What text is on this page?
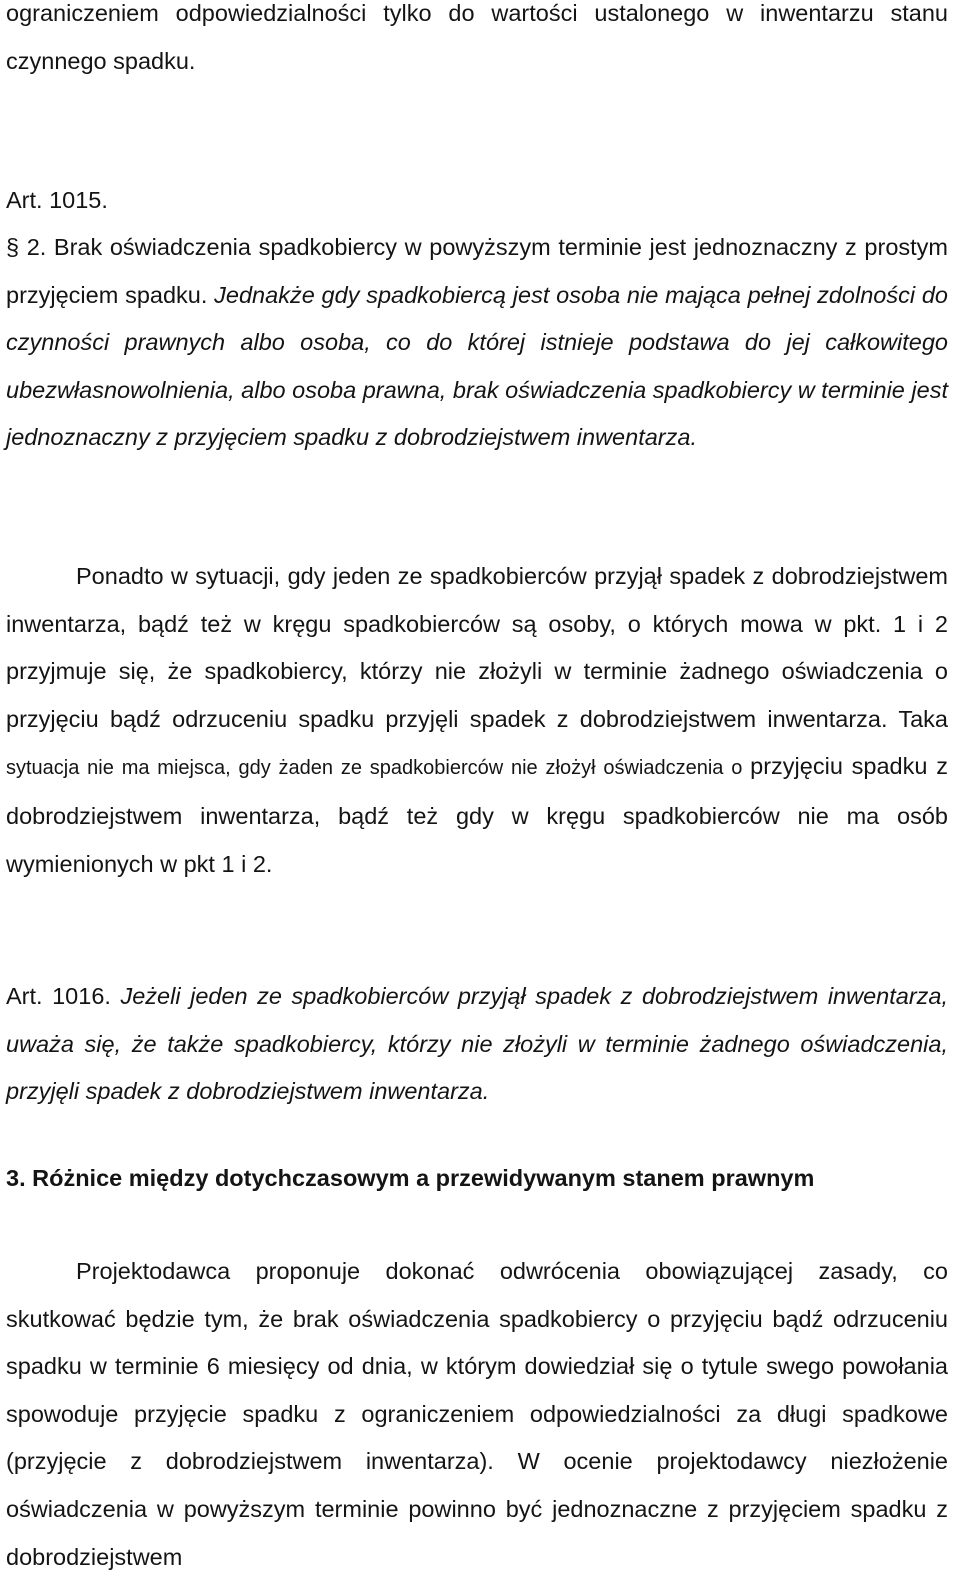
ograniczeniem odpowiedzialności tylko do wartości ustalonego w inwentarzu stanu czynnego spadku.

Art. 1015.

§ 2. Brak oświadczenia spadkobiercy w powyższym terminie jest jednoznaczny z prostym przyjęciem spadku. Jednakże gdy spadkobiercą jest osoba nie mająca pełnej zdolności do czynności prawnych albo osoba, co do której istnieje podstawa do jej całkowitego ubezwłasnowolnienia, albo osoba prawna, brak oświadczenia spadkobiercy w terminie jest jednoznaczny z przyjęciem spadku z dobrodziejstwem inwentarza.

Ponadto w sytuacji, gdy jeden ze spadkobierców przyjął spadek z dobrodziejstwem inwentarza, bądź też w kręgu spadkobierców są osoby, o których mowa w pkt. 1 i 2 przyjmuje się, że spadkobiercy, którzy nie złożyli w terminie żadnego oświadczenia o przyjęciu bądź odrzuceniu spadku przyjęli spadek z dobrodziejstwem inwentarza. Taka sytuacja nie ma miejsca, gdy żaden ze spadkobierców nie złożył oświadczenia o przyjęciu spadku z dobrodziejstwem inwentarza, bądź też gdy w kręgu spadkobierców nie ma osób wymienionych w pkt 1 i 2.

Art. 1016. Jeżeli jeden ze spadkobierców przyjął spadek z dobrodziejstwem inwentarza, uważa się, że także spadkobiercy, którzy nie złożyli w terminie żadnego oświadczenia, przyjęli spadek z dobrodziejstwem inwentarza.

3. Różnice między dotychczasowym a przewidywanym stanem prawnym

Projektodawca proponuje dokonać odwrócenia obowiązującej zasady, co skutkować będzie tym, że brak oświadczenia spadkobiercy o przyjęciu bądź odrzuceniu spadku w terminie 6 miesięcy od dnia, w którym dowiedział się o tytule swego powołania spowoduje przyjęcie spadku z ograniczeniem odpowiedzialności za długi spadkowe (przyjęcie z dobrodziejstwem inwentarza). W ocenie projektodawcy niezłożenie oświadczenia w powyższym terminie powinno być jednoznaczne z przyjęciem spadku z dobrodziejstwem
